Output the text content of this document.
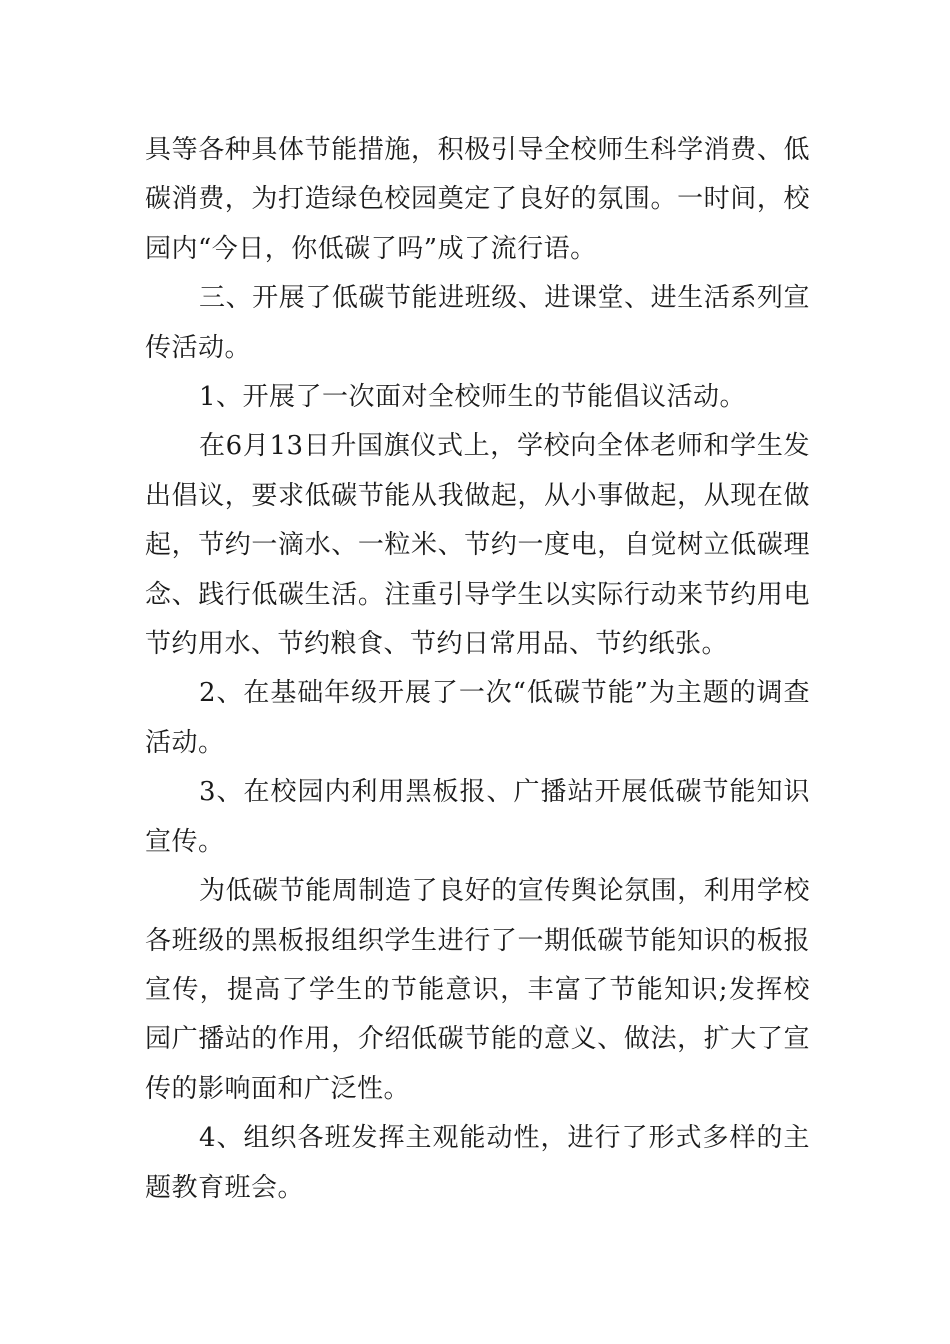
具等各种具体节能措施，积极引导全校师生科学消费、低碳消费，为打造绿色校园奠定了良好的氛围。一时间，校园内“今日，你低碳了吗”成了流行语。

三、开展了低碳节能进班级、进课堂、进生活系列宣传活动。

1、开展了一次面对全校师生的节能倡议活动。

在6月13日升国旗仪式上，学校向全体老师和学生发出倡议，要求低碳节能从我做起，从小事做起，从现在做起，节约一滴水、一粒米、节约一度电，自觉树立低碳理念、践行低碳生活。注重引导学生以实际行动来节约用电节约用水、节约粮食、节约日常用品、节约纸张。

2、在基础年级开展了一次“低碳节能”为主题的调查活动。

3、在校园内利用黑板报、广播站开展低碳节能知识宣传。

为低碳节能周制造了良好的宣传舆论氛围，利用学校各班级的黑板报组织学生进行了一期低碳节能知识的板报宣传，提高了学生的节能意识，丰富了节能知识;发挥校园广播站的作用，介绍低碳节能的意义、做法，扩大了宣传的影响面和广泛性。

4、组织各班发挥主观能动性，进行了形式多样的主题教育班会。
